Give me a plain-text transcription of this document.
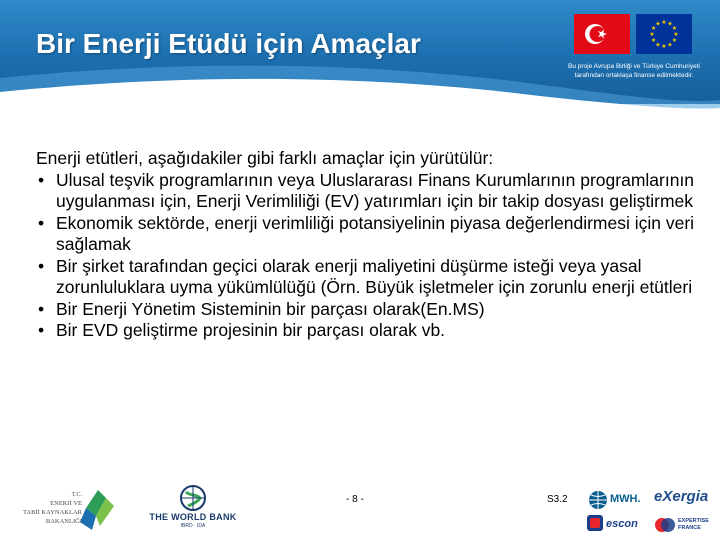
Bir Enerji Etüdü için Amaçlar
★ ★
★
★
★
★
★
★
★
★
★
★
Bu proje Avrupa Birliği ve Türkiye Cumhuriyeti
tarafından ortaklaşa finanse edilmektedir.
Enerji etütleri, aşağıdakiler gibi farklı amaçlar için yürütülür:
• Ulusal teşvik programlarının veya Uluslararası Finans Kurumlarının programlarının uygulanması için, Enerji Verimliliği (EV) yatırımları için bir takip dosyası geliştirmek
• Ekonomik sektörde, enerji verimliliği potansiyelinin piyasa değerlendirmesi için veri sağlamak
• Bir şirket tarafından geçici olarak enerji maliyetini düşürme isteği veya yasal zorunluluklara uyma yükümlülüğü (Örn. Büyük işletmeler için zorunlu enerji etütleri
• Bir Enerji Yönetim Sisteminin bir parçası olarak(En.MS)
• Bir EVD geliştirme projesinin bir parçası olarak vb.
T.C.
ENERJİ VE
TABİİ KAYNAKLAR
BAKANLIĞI	THE WORLD BANK
IBRD · IDA
- 8 -	S3.2	MWH. eXergia
escon	EXPERTISE
FRANCE
